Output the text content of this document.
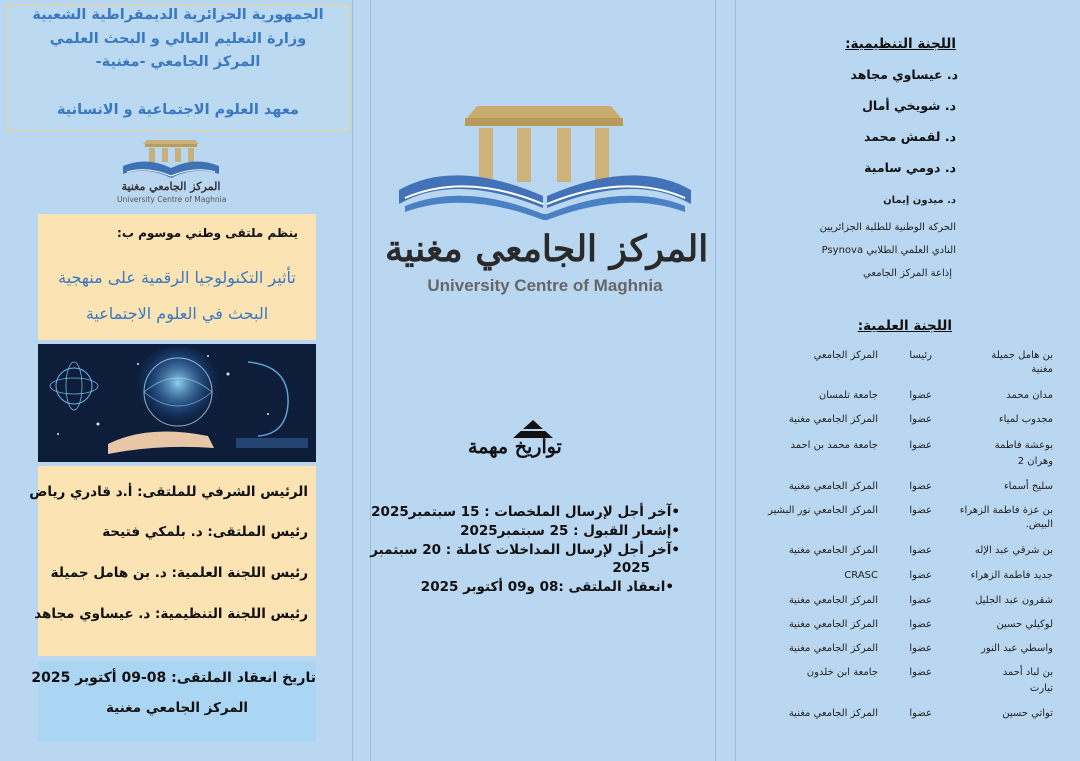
الجمهورية الجزائرية الديمقراطية الشعبية
وزارة التعليم العالي و البحث العلمي
المركز الجامعي -مغنية-
معهد العلوم الاجتماعية و الانسانية
المركز الجامعي مغنية
University Centre of Maghnia
ينظم ملتقى وطني موسوم ب:
تأثير التكنولوجيا الرقمية على منهجية
البحث في العلوم الاجتماعية
الرئيس الشرفي للملتقى: أ.د قادري رياض
رئيس الملتقى: د. بلمكي فتيحة
رئيس اللجنة العلمية: د. بن هامل جميلة
رئيس اللجنة التنظيمية: د. عيساوي مجاهد
تاريخ انعقاد الملتقى: 08-09 أكتوبر 2025
المركز الجامعي مغنية
المركز الجامعي مغنية
University Centre of Maghnia
تواريخ مهمة
•آخر أجل لإرسال الملخصات : 15 سبتمبر2025
•إشعار القبول : 25 سبتمبر2025
•آخر أجل لإرسال المداخلات كاملة : 20 سبتمبر
2025
•انعقاد الملتقى :08 و09 أكتوبر 2025
اللجنة التنظيمية:
د. عيساوي مجاهد
د. شويخي أمال
د. لقمش محمد
د. دومي سامية
د. ميدون إيمان
الحركة الوطنية للطلبة الجزائريين
النادي العلمي الطلابي Psynova
إذاعة المركز الجامعي
اللجنة العلمية:
بن هامل جميلة
رئيسا
المركز الجامعي
مغنية
مدان محمد
عضوا
جامعة تلمسان
مجدوب لمياء
عضوا
المركز الجامعي مغنية
بوعشة فاطمة
عضوا
جامعة محمد بن احمد
وهران 2
سليح أسماء
عضوا
المركز الجامعي مغنية
بن عزة فاطمة الزهراء
عضوا
المركز الجامعي نور البشير
البيض.
بن شرقي عبد الإله
عضوا
المركز الجامعي مغنية
جديد فاطمة الزهراء
عضوا
CRASC
شقرون عبد الجليل
عضوا
المركز الجامعي مغنية
لوكيلي حسين
عضوا
المركز الجامعي مغنية
واسطي عبد النور
عضوا
المركز الجامعي مغنية
بن لباد أحمد
عضوا
جامعة ابن خلدون
تيارت
تواتي حسين
عضوا
المركز الجامعي مغنية
